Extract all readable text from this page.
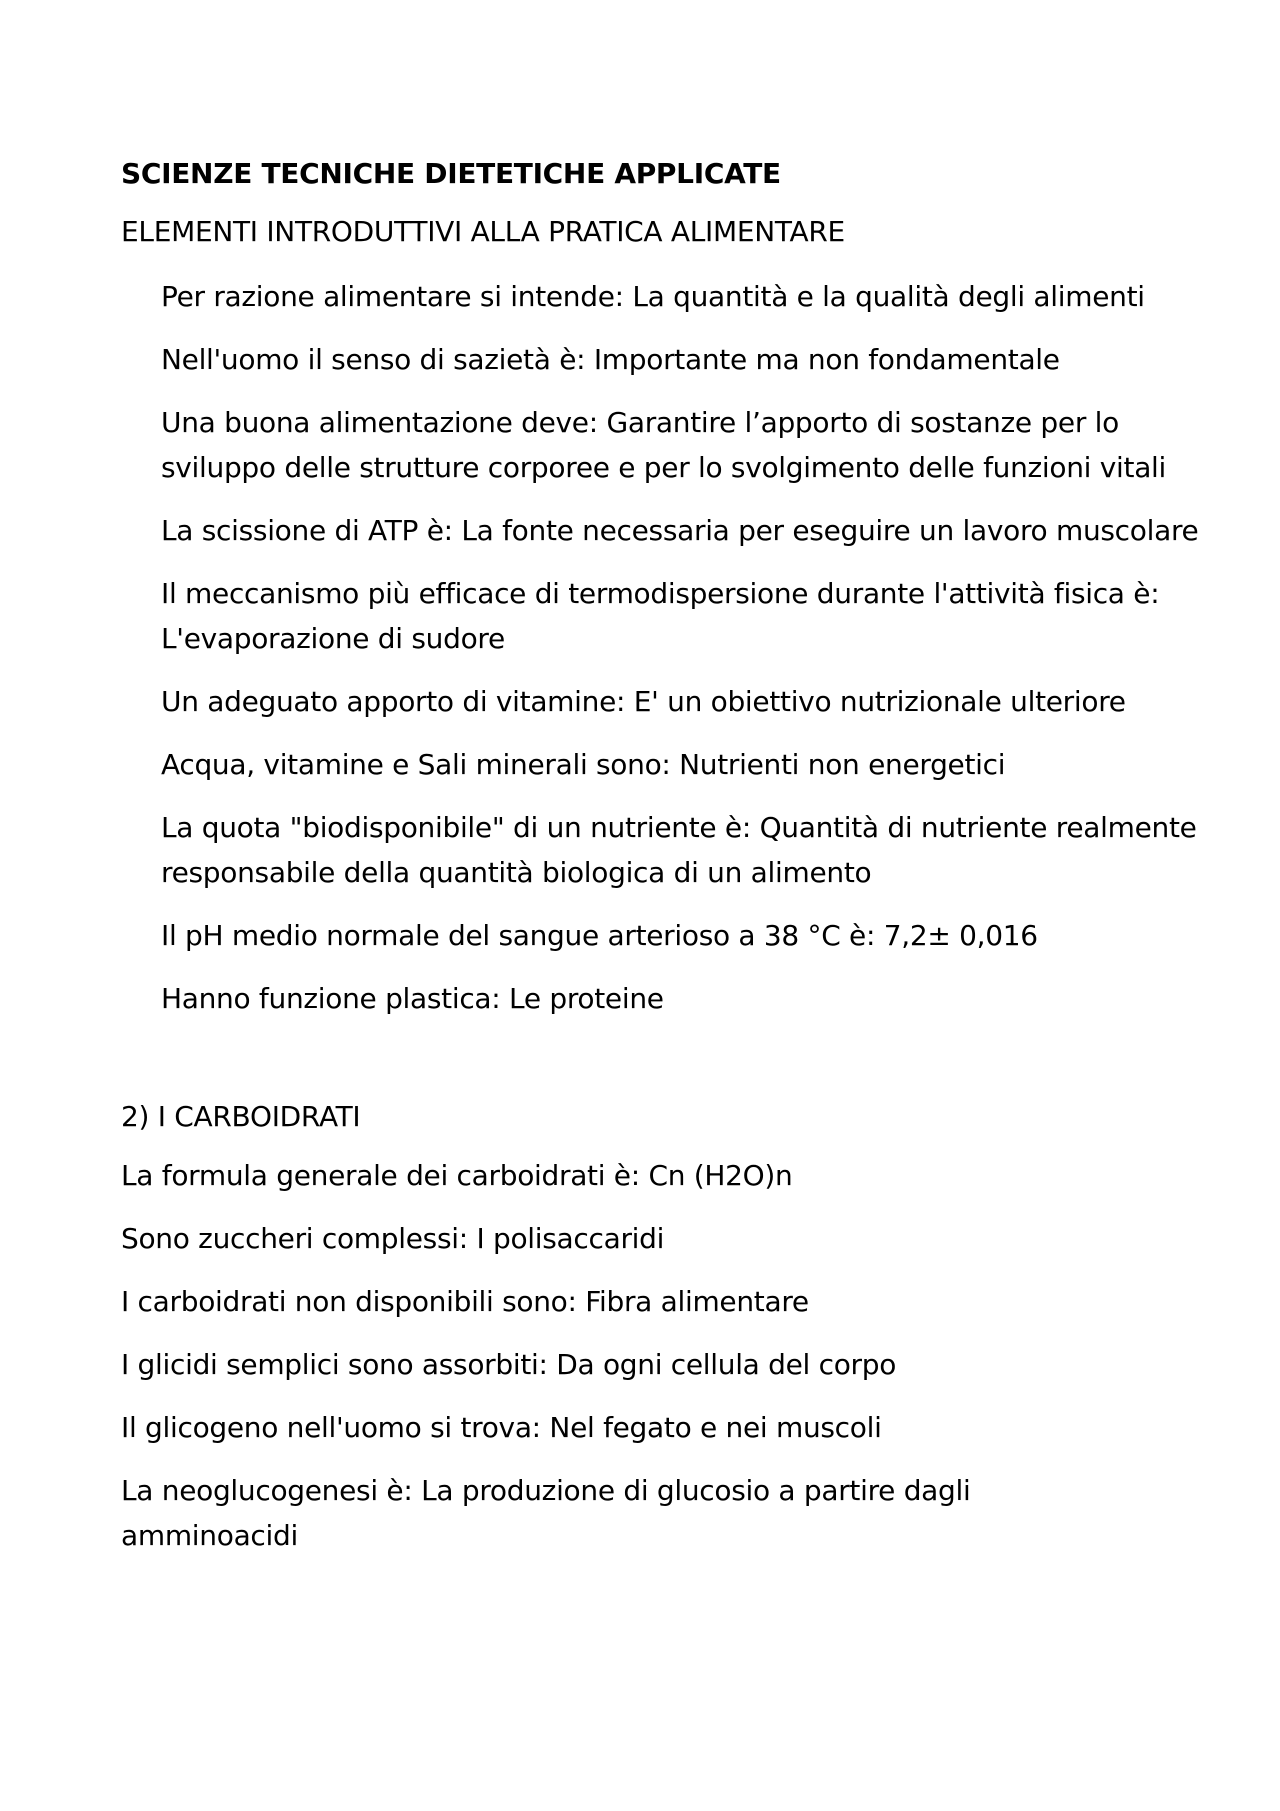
SCIENZE TECNICHE DIETETICHE APPLICATE
ELEMENTI INTRODUTTIVI ALLA PRATICA ALIMENTARE
Per razione alimentare si intende: La quantità e la qualità degli alimenti
Nell'uomo il senso di sazietà è: Importante ma non fondamentale
Una buona alimentazione deve: Garantire l’apporto di sostanze per lo sviluppo delle strutture corporee e per lo svolgimento delle funzioni vitali
La scissione di ATP è: La fonte necessaria per eseguire un lavoro muscolare
Il meccanismo più efficace di termodispersione durante l'attività fisica è: L'evaporazione di sudore
Un adeguato apporto di vitamine: E' un obiettivo nutrizionale ulteriore
Acqua, vitamine e Sali minerali sono: Nutrienti non energetici
La quota "biodisponibile" di un nutriente è: Quantità di nutriente realmente responsabile della quantità biologica di un alimento
Il pH medio normale del sangue arterioso a 38 °C è: 7,2± 0,016
Hanno funzione plastica: Le proteine
2) I CARBOIDRATI
La formula generale dei carboidrati è: Cn (H2O)n
Sono zuccheri complessi: I polisaccaridi
I carboidrati non disponibili sono: Fibra alimentare
I glicidi semplici sono assorbiti: Da ogni cellula del corpo
Il glicogeno nell'uomo si trova: Nel fegato e nei muscoli
La neoglucogenesi è: La produzione di glucosio a partire dagli amminoacidi
